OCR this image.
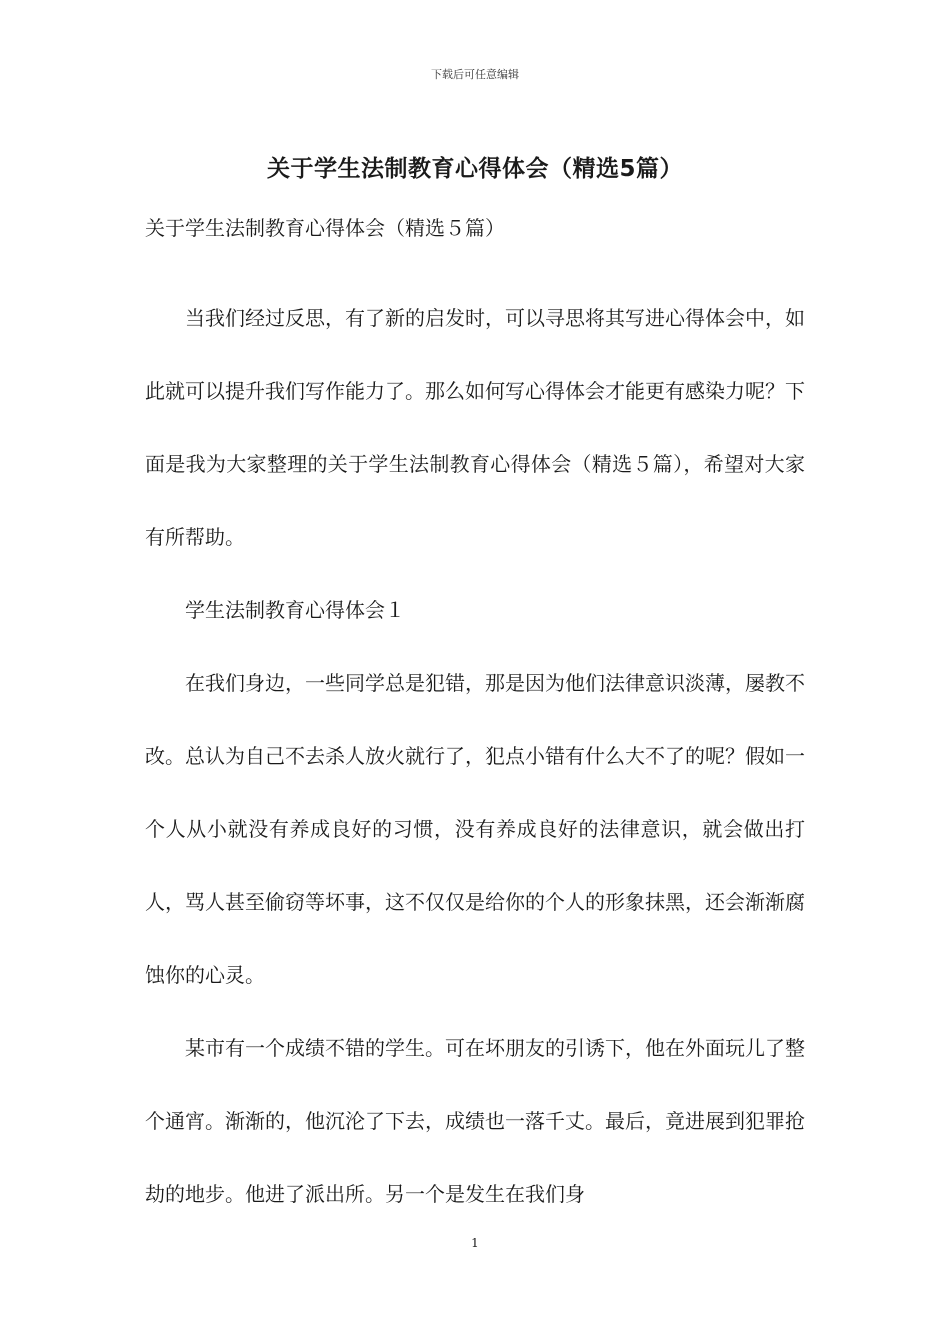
下载后可任意编辑
关于学生法制教育心得体会（精选5篇）
关于学生法制教育心得体会（精选５篇）

当我们经过反思，有了新的启发时，可以寻思将其写进心得体会中，如此就可以提升我们写作能力了。那么如何写心得体会才能更有感染力呢？下面是我为大家整理的关于学生法制教育心得体会（精选５篇），希望对大家有所帮助。

学生法制教育心得体会１

在我们身边，一些同学总是犯错，那是因为他们法律意识淡薄，屡教不改。总认为自己不去杀人放火就行了，犯点小错有什么大不了的呢？假如一个人从小就没有养成良好的习惯，没有养成良好的法律意识，就会做出打人，骂人甚至偷窃等坏事，这不仅仅是给你的个人的形象抹黑，还会渐渐腐蚀你的心灵。

某市有一个成绩不错的学生。可在坏朋友的引诱下，他在外面玩儿了整个通宵。渐渐的，他沉沦了下去，成绩也一落千丈。最后，竟进展到犯罪抢劫的地步。他进了派出所。另一个是发生在我们身

1
